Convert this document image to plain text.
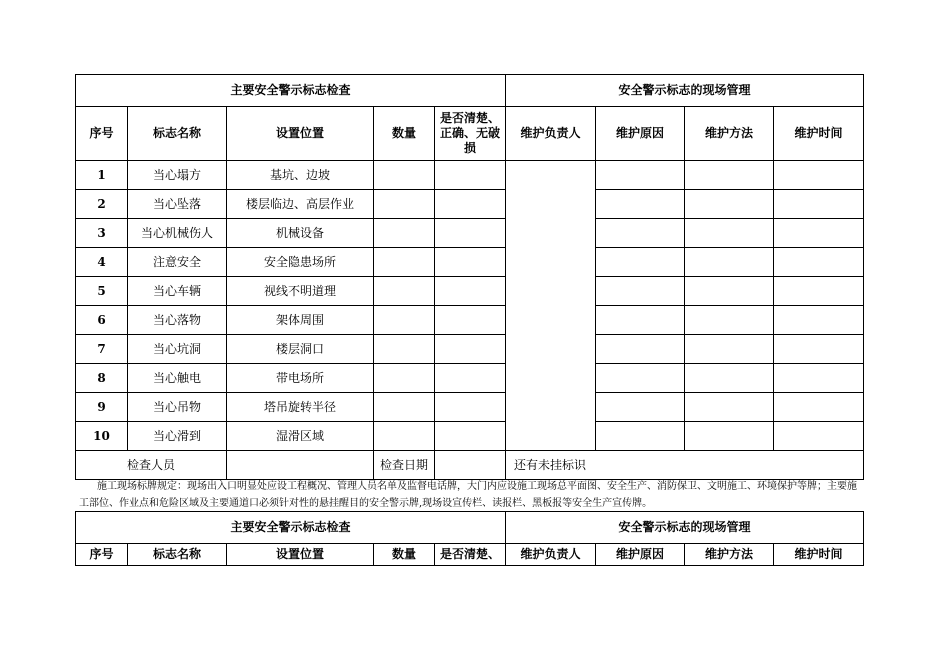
主要安全警示标志检查					安全警示标志的现场管理			
序号	标志名称	设置位置	数量	是否清楚、正确、无破损	维护负责人	维护原因	维护方法	维护时间
1	当心塌方	基坑、边坡						
2	当心坠落	楼层临边、高层作业						
3	当心机械伤人	机械设备						
4	注意安全	安全隐患场所						
5	当心车辆	视线不明道理						
6	当心落物	架体周围						
7	当心坑洞	楼层洞口						
8	当心触电	带电场所						
9	当心吊物	塔吊旋转半径						
10	当心滑到	湿滑区域						
检查人员			检查日期		还有未挂标识			
施工现场标牌规定：现场出入口明显处应设工程概况、管理人员名单及监督电话牌，大门内应设施工现场总平面图、安全生产、消防保卫、文明施工、环境保护等牌；主要施工部位、作业点和危险区域及主要通道口必须针对性的悬挂醒目的安全警示牌,现场设宣传栏、读报栏、黑板报等安全生产宣传牌。
主要安全警示标志检查					安全警示标志的现场管理			
序号	标志名称	设置位置	数量	是否清楚、	维护负责人	维护原因	维护方法	维护时间
